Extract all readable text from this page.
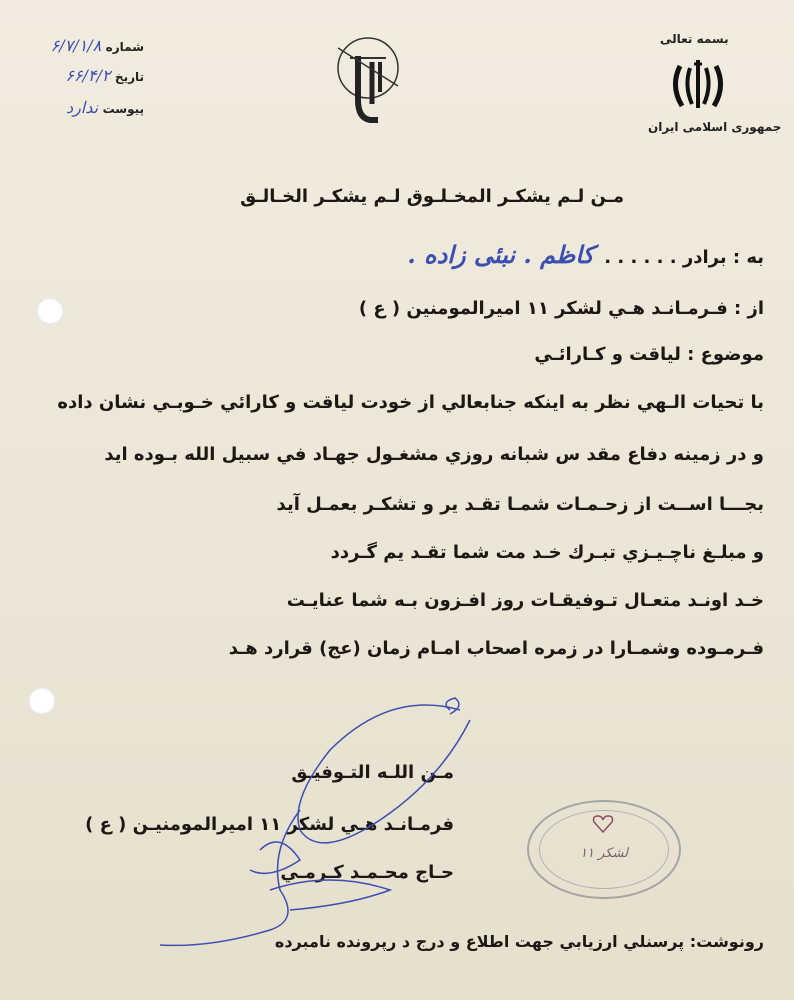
بسمه تعالی
جمهوری اسلامی ایران
شماره ۶/۷/۱/۸
تاریخ ۶۶/۴/۲
پیوست ندارد
مـن لـم يشكـر المخـلـوق لـم يشكـر الخـالـق
به : برادر . . . . . . کاظم . نبئی زاده .
از : فـرمـانـد هـي لشكر ۱۱ اميرالمومنين ( ع )
موضوع : لياقت و كـارائـي
با تحيات الـهي نظر به اينكه جنابعالي از خودت لياقت و كارائي خـوبـي نشان داده
و در زمينه دفاع مقد س شبانه روزي مشغـول جهـاد في سبيل الله بـوده ايد
بجـــا اســت از زحـمـات شمـا تقـد ير و تشكـر بعمـل آيد
و مبلـغ ناچـيـزي تبـرك خـد مت شما تقـد يم گـردد
خـد اونـد متعـال تـوفيقـات روز افـزون بـه شما عنايـت
فـرمـوده وشمـارا در زمره اصحاب امـام زمان (عج) قرارد هـد
مـن اللـه التـوفيـق
فرمـانـد هـي لشكر ۱۱ اميرالمومنيـن ( ع )
حـاج محـمـد كـرمـي
لشکر ۱۱
رونوشت: پرسنلي ارزيابي جهت اطلاع و درج د رپرونده نامبرده
